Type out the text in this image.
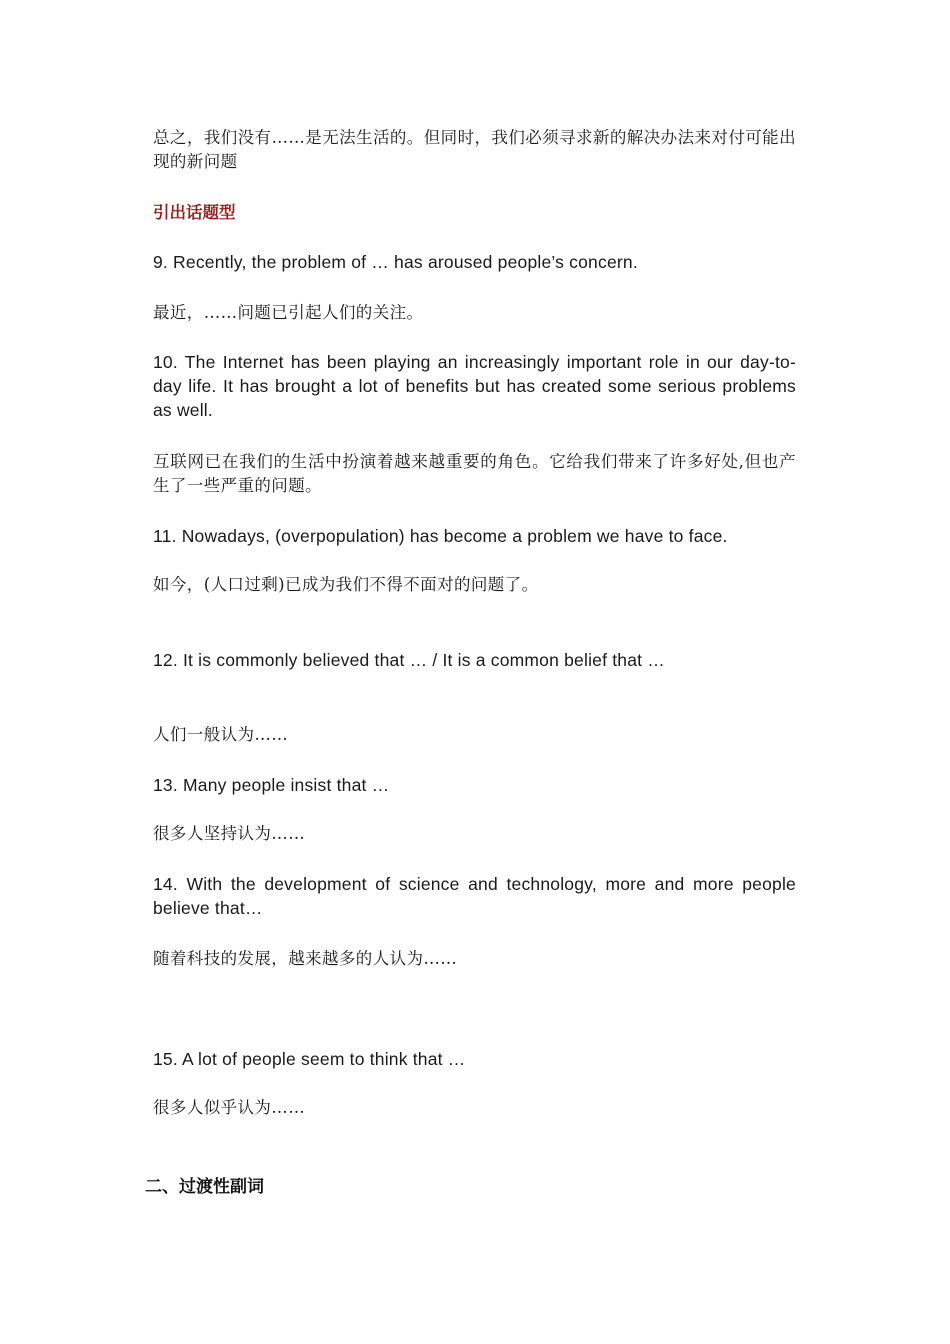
总之，我们没有……是无法生活的。但同时，我们必须寻求新的解决办法来对付可能出现的新问题

引出话题型

9. Recently, the problem of … has aroused people’s concern.

最近，……问题已引起人们的关注。

10. The Internet has been playing an increasingly important role in our day-to-day life. It has brought a lot of benefits but has created some serious problems as well.

互联网已在我们的生活中扮演着越来越重要的角色。它给我们带来了许多好处,但也产生了一些严重的问题。

11. Nowadays, (overpopulation) has become a problem we have to face.

如今，(人口过剩)已成为我们不得不面对的问题了。

12. It is commonly believed that … / It is a common belief that …

人们一般认为……

13. Many people insist that …

很多人坚持认为……

14. With the development of science and technology, more and more people believe that…

随着科技的发展，越来越多的人认为……

15. A lot of people seem to think that …

很多人似乎认为……

二、过渡性副词
